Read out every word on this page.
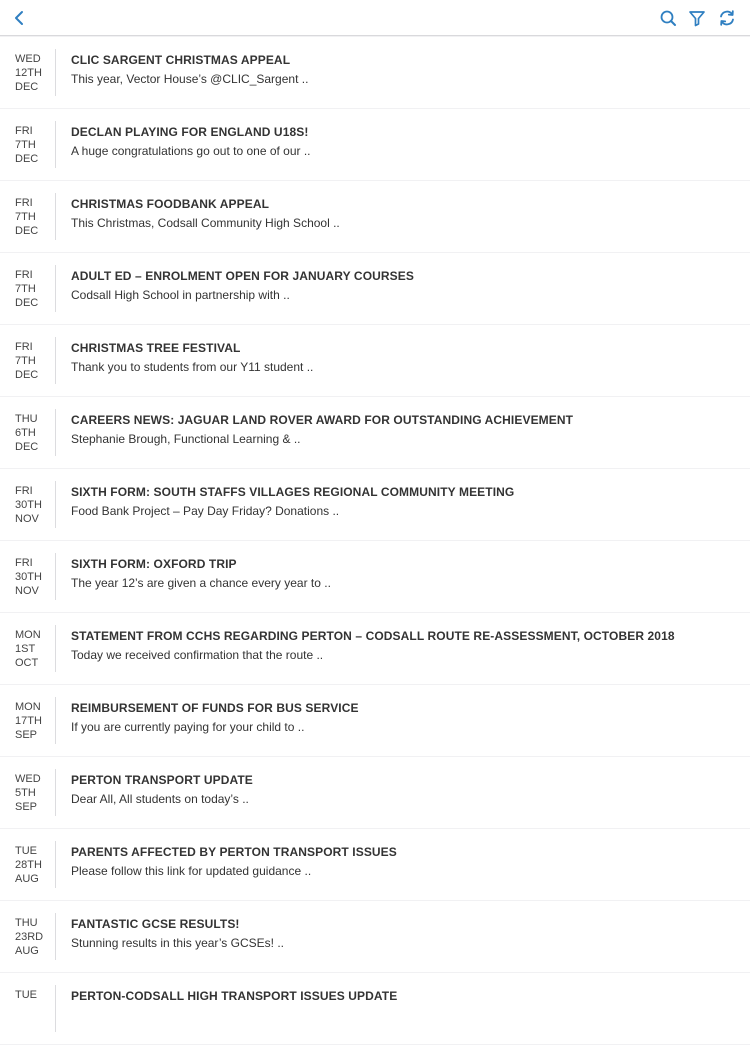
WED
12TH
DEC
CLIC SARGENT CHRISTMAS APPEAL
This year, Vector House’s @CLIC_Sargent ..
FRI
7TH
DEC
DECLAN PLAYING FOR ENGLAND U18S!
A huge congratulations go out to one of our ..
FRI
7TH
DEC
CHRISTMAS FOODBANK APPEAL
This Christmas, Codsall Community High School ..
FRI
7TH
DEC
ADULT ED – ENROLMENT OPEN FOR JANUARY COURSES
Codsall High School in partnership with ..
FRI
7TH
DEC
CHRISTMAS TREE FESTIVAL
Thank you to students from our Y11 student ..
THU
6TH
DEC
CAREERS NEWS: JAGUAR LAND ROVER AWARD FOR OUTSTANDING ACHIEVEMENT
Stephanie Brough, Functional Learning & ..
FRI
30TH
NOV
SIXTH FORM: SOUTH STAFFS VILLAGES REGIONAL COMMUNITY MEETING
Food Bank Project – Pay Day Friday? Donations ..
FRI
30TH
NOV
SIXTH FORM: OXFORD TRIP
The year 12’s are given a chance every year to ..
MON
1ST
OCT
STATEMENT FROM CCHS REGARDING PERTON – CODSALL ROUTE RE-ASSESSMENT, OCTOBER 2018
Today we received confirmation that the route ..
MON
17TH
SEP
REIMBURSEMENT OF FUNDS FOR BUS SERVICE
If you are currently paying for your child to ..
WED
5TH
SEP
PERTON TRANSPORT UPDATE
Dear All, All students on today’s ..
TUE
28TH
AUG
PARENTS AFFECTED BY PERTON TRANSPORT ISSUES
Please follow this link for updated guidance ..
THU
23RD
AUG
FANTASTIC GCSE RESULTS!
Stunning results in this year’s GCSEs! ..
TUE	PERTON-CODSALL HIGH TRANSPORT ISSUES UPDATE
